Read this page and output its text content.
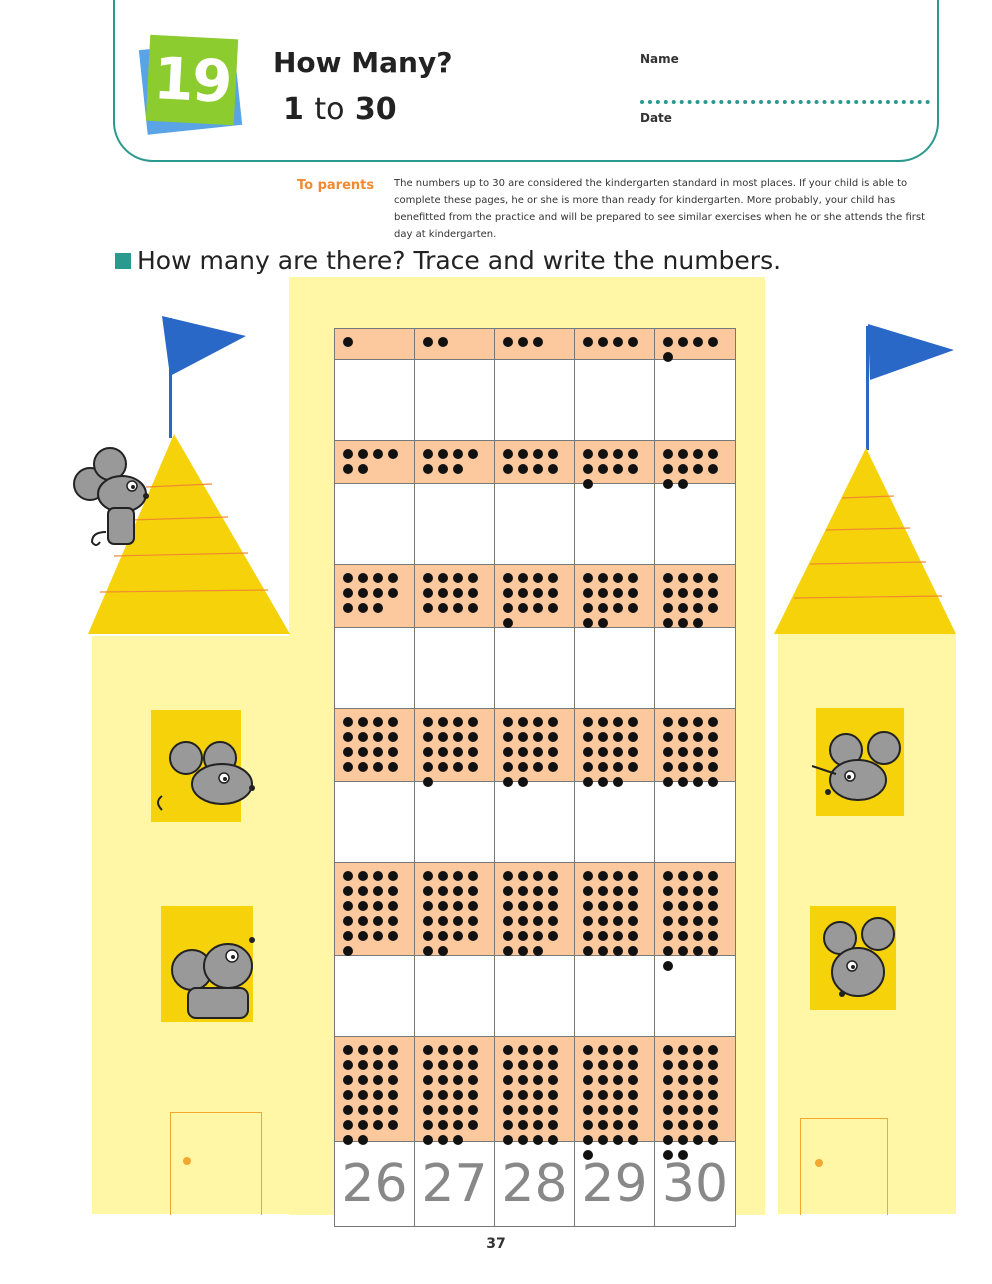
19 How Many?
1 to 30
Name
Date
To parents The numbers up to 30 are considered the kindergarten standard in most places. If your child is able to complete these pages, he or she is more than ready for kindergarten. More probably, your child has benefitted from the practice and will be prepared to see similar exercises when he or she attends the first day at kindergarten.
How many are there? Trace and write the numbers.
26 27 28 29 30
37
